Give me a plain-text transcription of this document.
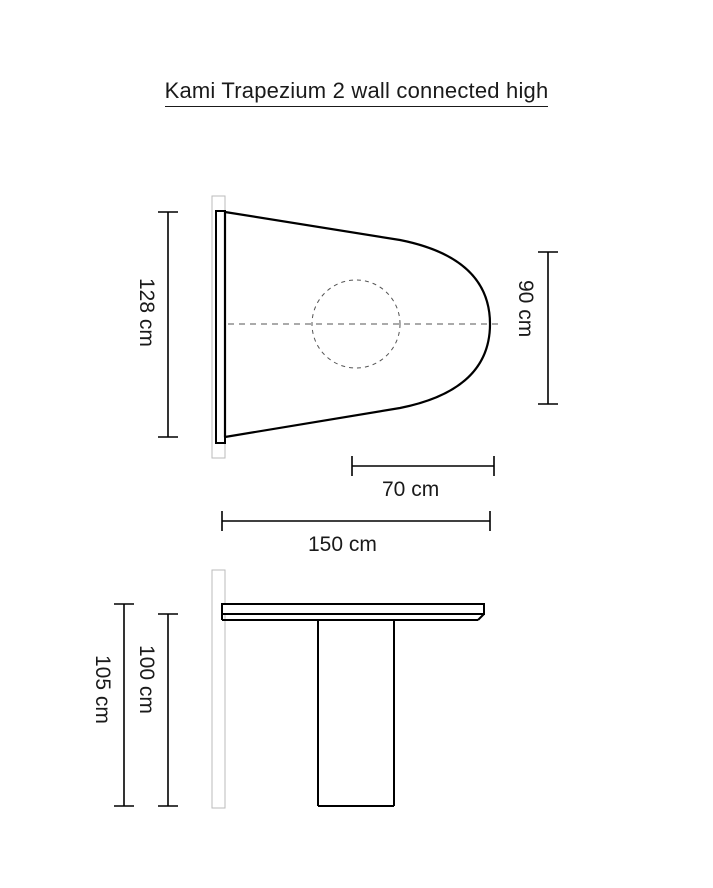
Kami Trapezium 2 wall connected high
128 cm	90 cm
70 cm
150 cm
100 cm
105 cm
